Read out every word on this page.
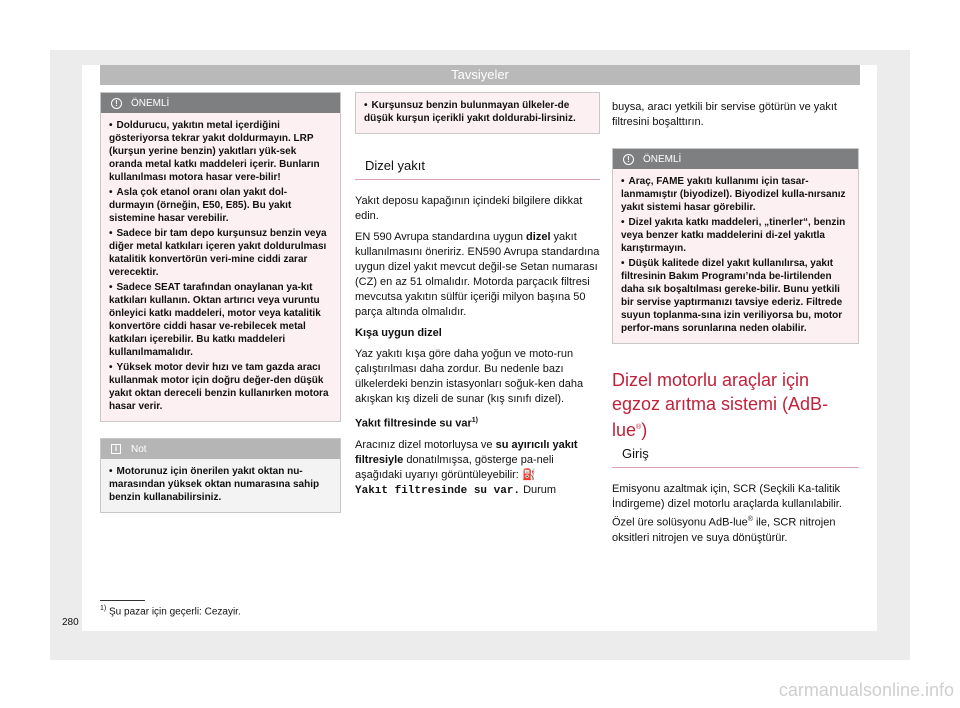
Tavsiyeler
!	ÖNEMLİ

• Doldurucu, yakıtın metal içerdiğini gösteriyorsa tekrar yakıt doldurmayın. LRP (kurşun yerine benzin) yakıtları yük-sek oranda metal katkı maddeleri içerir. Bunların kullanılması motora hasar vere-bilir!

• Asla çok etanol oranı olan yakıt dol-durmayın (örneğin, E50, E85). Bu yakıt sistemine hasar verebilir.

• Sadece bir tam depo kurşunsuz benzin veya diğer metal katkıları içeren yakıt doldurulması katalitik konvertörün veri-mine ciddi zarar verecektir.

• Sadece SEAT tarafından onaylanan ya-kıt katkıları kullanın. Oktan artırıcı veya vuruntu önleyici katkı maddeleri, motor veya katalitik konvertöre ciddi hasar ve-rebilecek metal katkıları içerebilir. Bu katkı maddeleri kullanılmamalıdır.

• Yüksek motor devir hızı ve tam gazda aracı kullanmak motor için doğru değer-den düşük yakıt oktan dereceli benzin kullanırken motora hasar verir.

i	Not

• Motorunuz için önerilen yakıt oktan nu-marasından yüksek oktan numarasına sahip benzin kullanabilirsiniz.

• Kurşunsuz benzin bulunmayan ülkeler-de düşük kurşun içerikli yakıt doldurabi-lirsiniz.

Dizel yakıt

Yakıt deposu kapağının içindeki bilgilere dikkat edin.

EN 590 Avrupa standardına uygun dizel yakıt kullanılmasını öneririz. EN590 Avrupa standardına uygun dizel yakıt mevcut değil-se Setan numarası (CZ) en az 51 olmalıdır. Motorda parçacık filtresi mevcutsa yakıtın sülfür içeriği milyon başına 50 parça altında olmalıdır.

Kışa uygun dizel

Yaz yakıtı kışa göre daha yoğun ve moto-run çalıştırılması daha zordur. Bu nedenle bazı ülkelerdeki benzin istasyonları soğuk-ken daha akışkan kış dizeli de sunar (kış sınıfı dizel).

Yakıt filtresinde su var$^{1)}$

Aracınız dizel motorluysa ve su ayırıcılı yakıt filtresiyle donatılmışsa, gösterge pa-neli aşağıdaki uyarıyı görüntüleyebilir: ⛽
Yakıt filtresinde su var. Durum

buysa, aracı yetkili bir servise götürün ve yakıt filtresini boşalttırın.
!	ÖNEMLİ

• Araç, FAME yakıtı kullanımı için tasar-lanmamıştır (biyodizel). Biyodizel kulla-nırsanız yakıt sistemi hasar görebilir.

• Dizel yakıta katkı maddeleri, „tinerler“, benzin veya benzer katkı maddelerini di-zel yakıtla karıştırmayın.

• Düşük kalitede dizel yakıt kullanılırsa, yakıt filtresinin Bakım Programı’nda be-lirtilenden daha sık boşaltılması gereke-bilir. Bunu yetkili bir servise yaptırmanızı tavsiye ederiz. Filtrede suyun toplanma-sına izin veriliyorsa bu, motor perfor-mans sorunlarına neden olabilir.

Dizel motorlu araçlar için egzoz arıtma sistemi (AdB-lue®)
Giriş
Emisyonu azaltmak için, SCR (Seçkili Ka-talitik İndirgeme) dizel motorlu araçlarda kullanılabilir. Özel üre solüsyonu AdB-lue® ile, SCR nitrojen oksitleri nitrojen ve suya dönüştürür.
$^{1)}$ Şu pazar için geçerli: Cezayir.
280
carmanualsonline.info
